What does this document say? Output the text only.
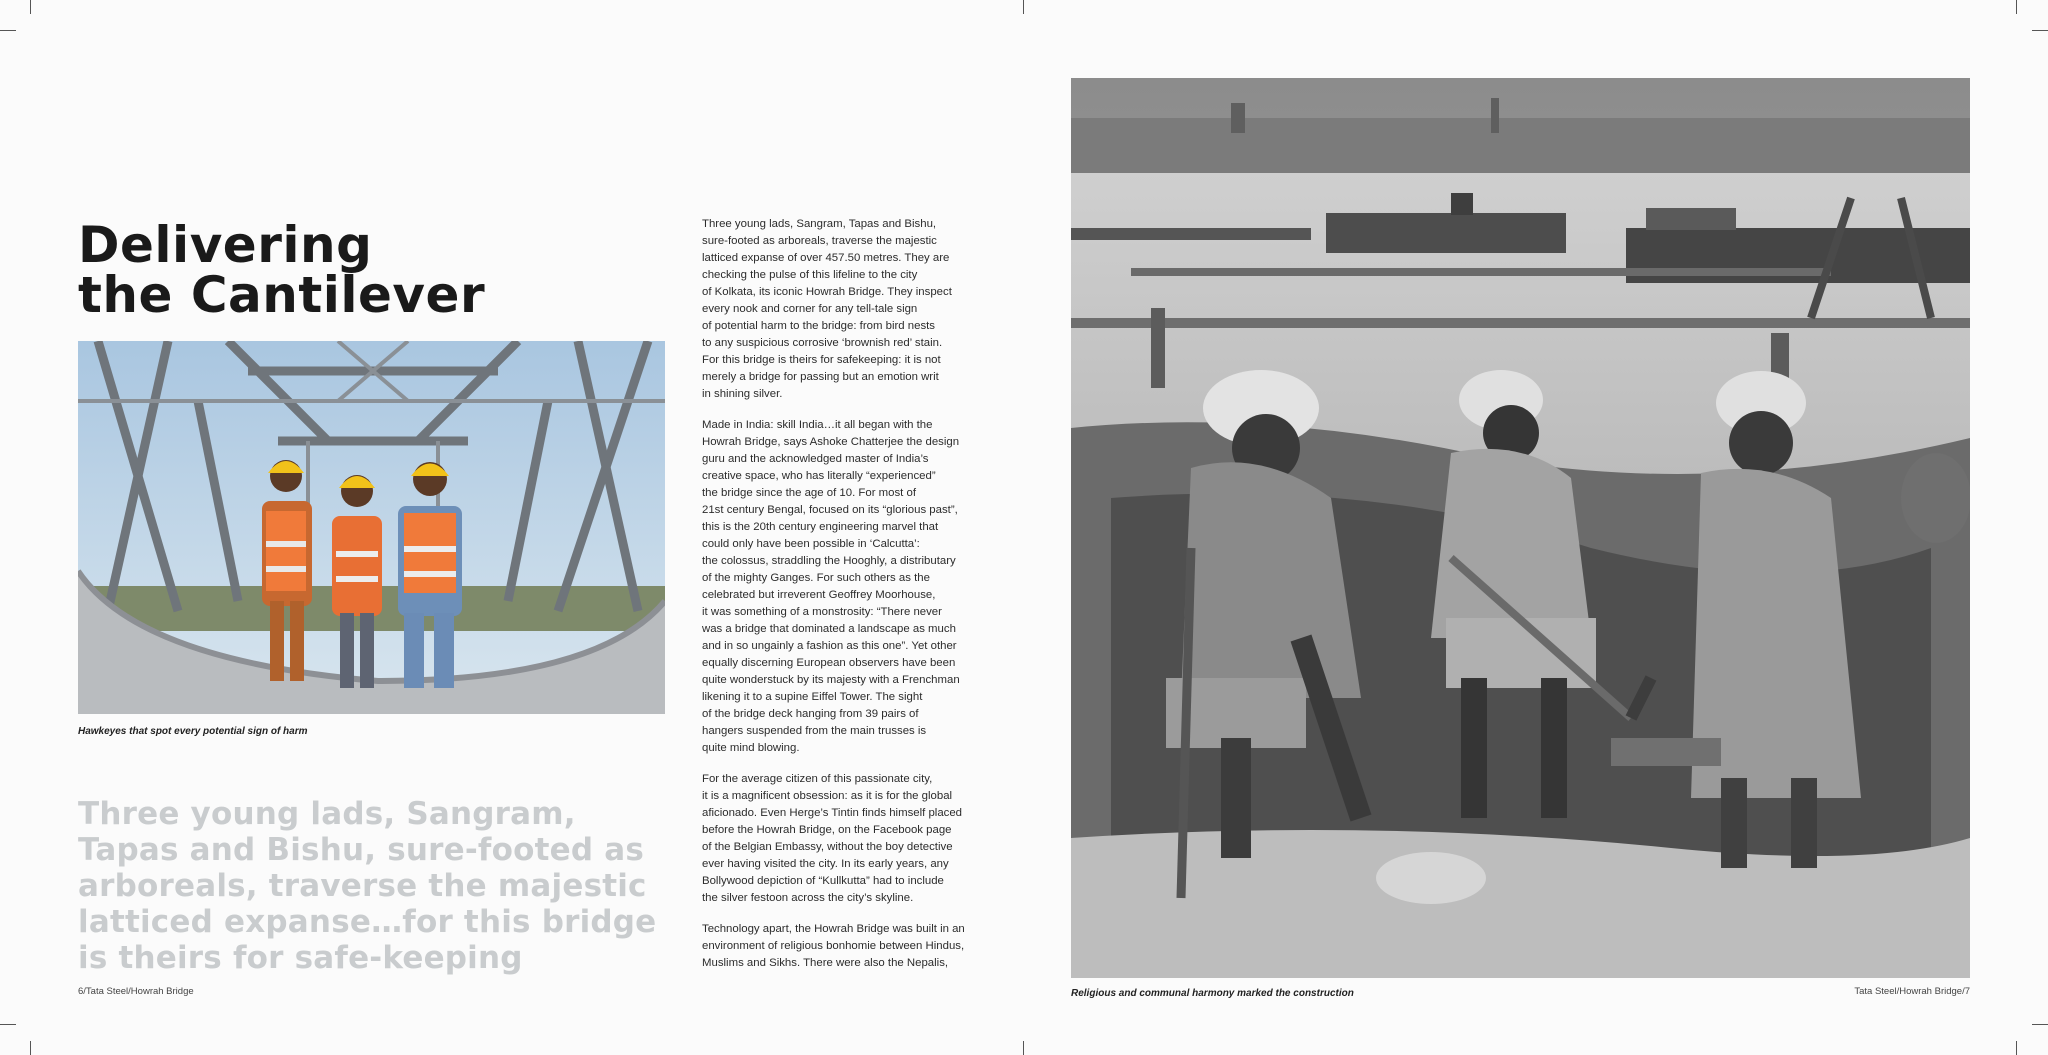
Delivering
the Cantilever

Hawkeyes that spot every potential sign of harm

Three young lads, Sangram, Tapas and Bishu, sure-footed as arboreals, traverse the majestic latticed expanse…for this bridge is theirs for safe-keeping

6/Tata Steel/Howrah Bridge

Three young lads, Sangram, Tapas and Bishu,
sure-footed as arboreals, traverse the majestic
latticed expanse of over 457.50 metres. They are
checking the pulse of this lifeline to the city
of Kolkata, its iconic Howrah Bridge. They inspect
every nook and corner for any tell-tale sign
of potential harm to the bridge: from bird nests
to any suspicious corrosive ‘brownish red’ stain.
For this bridge is theirs for safekeeping: it is not
merely a bridge for passing but an emotion writ
in shining silver.

Made in India: skill India…it all began with the
Howrah Bridge, says Ashoke Chatterjee the design
guru and the acknowledged master of India’s
creative space, who has literally “experienced”
the bridge since the age of 10. For most of
21st century Bengal, focused on its “glorious past”,
this is the 20th century engineering marvel that
could only have been possible in ‘Calcutta’:
the colossus, straddling the Hooghly, a distributary
of the mighty Ganges. For such others as the
celebrated but irreverent Geoffrey Moorhouse,
it was something of a monstrosity: “There never
was a bridge that dominated a landscape as much
and in so ungainly a fashion as this one”. Yet other
equally discerning European observers have been
quite wonderstuck by its majesty with a Frenchman
likening it to a supine Eiffel Tower. The sight
of the bridge deck hanging from 39 pairs of
hangers suspended from the main trusses is
quite mind blowing.

For the average citizen of this passionate city,
it is a magnificent obsession: as it is for the global
aficionado. Even Herge’s Tintin finds himself placed
before the Howrah Bridge, on the Facebook page
of the Belgian Embassy, without the boy detective
ever having visited the city. In its early years, any
Bollywood depiction of “Kullkutta” had to include
the silver festoon across the city’s skyline.

Technology apart, the Howrah Bridge was built in an
environment of religious bonhomie between Hindus,
Muslims and Sikhs. There were also the Nepalis,

Religious and communal harmony marked the construction	Tata Steel/Howrah Bridge/7
